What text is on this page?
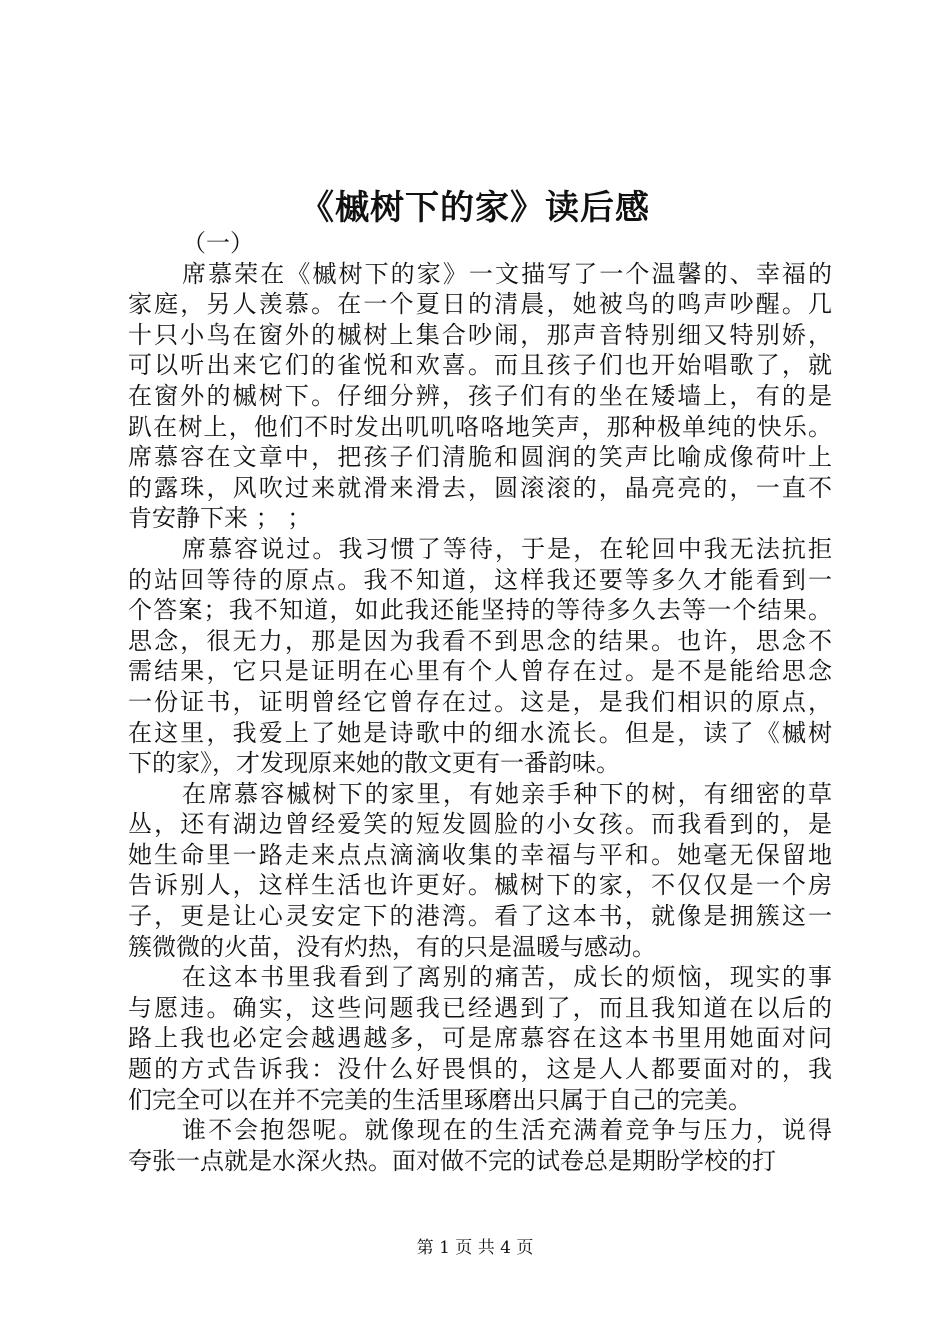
《槭树下的家》读后感
（一）
席慕荣在《槭树下的家》一文描写了一个温馨的、幸福的
家庭，另人羡慕。在一个夏日的清晨，她被鸟的鸣声吵醒。几
十只小鸟在窗外的槭树上集合吵闹，那声音特别细又特别娇，
可以听出来它们的雀悦和欢喜。而且孩子们也开始唱歌了，就
在窗外的槭树下。仔细分辨，孩子们有的坐在矮墙上，有的是
趴在树上，他们不时发出叽叽咯咯地笑声，那种极单纯的快乐。
席慕容在文章中，把孩子们清脆和圆润的笑声比喻成像荷叶上
的露珠，风吹过来就滑来滑去，圆滚滚的，晶亮亮的，一直不
肯安静下来 ； ；
席慕容说过。我习惯了等待，于是，在轮回中我无法抗拒
的站回等待的原点。我不知道，这样我还要等多久才能看到一
个答案；我不知道，如此我还能坚持的等待多久去等一个结果。
思念，很无力，那是因为我看不到思念的结果。也许，思念不
需结果，它只是证明在心里有个人曾存在过。是不是能给思念
一份证书，证明曾经它曾存在过。这是，是我们相识的原点，
在这里，我爱上了她是诗歌中的细水流长。但是，读了《槭树
下的家》，才发现原来她的散文更有一番韵味。
在席慕容槭树下的家里，有她亲手种下的树，有细密的草
丛，还有湖边曾经爱笑的短发圆脸的小女孩。而我看到的，是
她生命里一路走来点点滴滴收集的幸福与平和。她毫无保留地
告诉别人，这样生活也许更好。槭树下的家，不仅仅是一个房
子，更是让心灵安定下的港湾。看了这本书，就像是拥簇这一
簇微微的火苗，没有灼热，有的只是温暖与感动。
在这本书里我看到了离别的痛苦，成长的烦恼，现实的事
与愿违。确实，这些问题我已经遇到了，而且我知道在以后的
路上我也必定会越遇越多，可是席慕容在这本书里用她面对问
题的方式告诉我：没什么好畏惧的，这是人人都要面对的，我
们完全可以在并不完美的生活里琢磨出只属于自己的完美。
谁不会抱怨呢。就像现在的生活充满着竞争与压力，说得
夸张一点就是水深火热。面对做不完的试卷总是期盼学校的打
第 1 页 共 4 页
